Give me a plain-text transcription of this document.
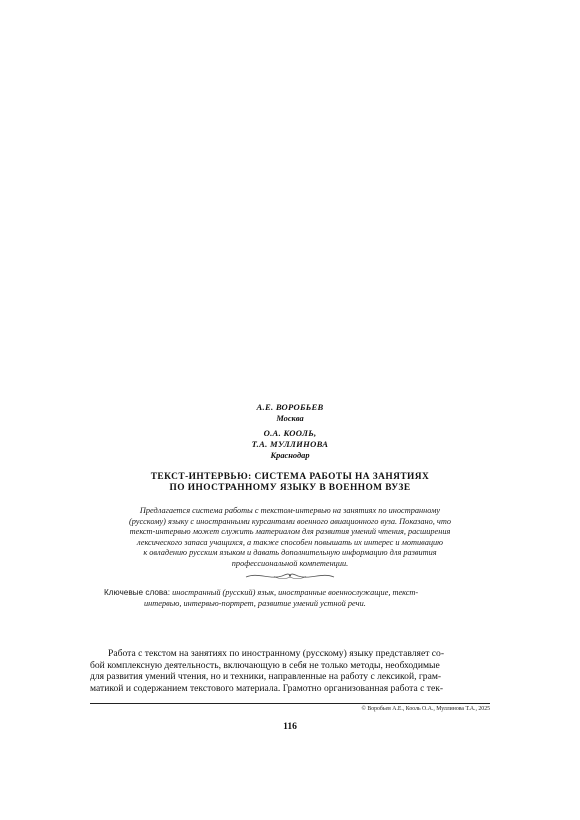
А.Е. ВОРОБЬЕВ
Москва
О.А. КООЛЬ,
Т.А. МУЛЛИНОВА
Краснодар
ТЕКСТ-ИНТЕРВЬЮ: СИСТЕМА РАБОТЫ НА ЗАНЯТИЯХ
ПО ИНОСТРАННОМУ ЯЗЫКУ В ВОЕННОМ ВУЗЕ
Предлагается система работы с текстом-интервью на занятиях по иностранному
(русскому) языку с иностранными курсантами военного авиационного вуза. Показано, что
текст-интервью может служить материалом для развития умений чтения, расширения
лексического запаса учащихся, а также способен повышать их интерес и мотивацию
к овладению русским языком и давать дополнительную информацию для развития
профессиональной компетенции.
Ключевые слова: иностранный (русский) язык, иностранные военнослужащие, текст-
интервью, интервью-портрет, развитие умений устной речи.
Работа с текстом на занятиях по иностранному (русскому) языку представляет со-
бой комплексную деятельность, включающую в себя не только методы, необходимые
для развития умений чтения, но и техники, направленные на работу с лексикой, грам-
матикой и содержанием текстового материала. Грамотно организованная работа с тек-
© Воробьев А.Е., Кооль О.А., Муллинова Т.А., 2025
116
